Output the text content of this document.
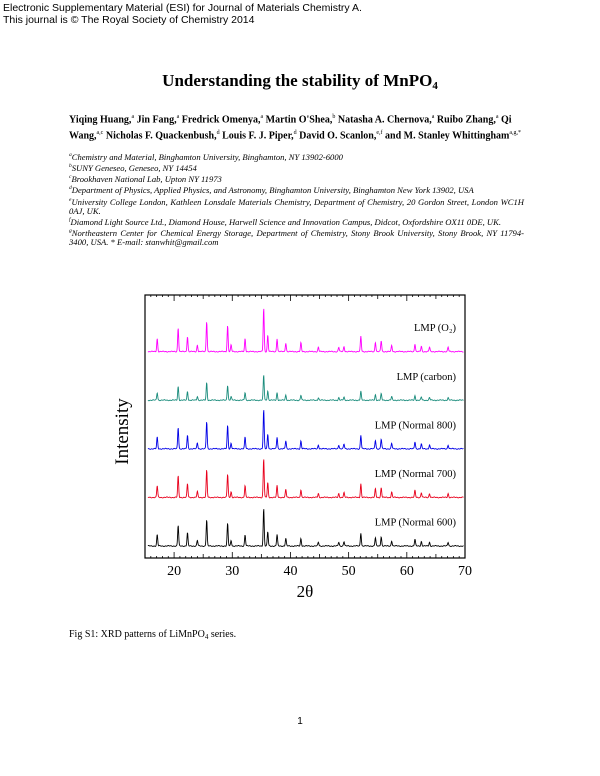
Electronic Supplementary Material (ESI) for Journal of Materials Chemistry A.
This journal is © The Royal Society of Chemistry 2014
Understanding the stability of MnPO$_4$
Yiqing Huang,$^a$ Jin Fang,$^a$ Fredrick Omenya,$^a$ Martin O'Shea,$^b$ Natasha A. Chernova,$^a$ Ruibo Zhang,$^a$ Qi Wang,$^{a,c}$ Nicholas F. Quackenbush,$^d$ Louis F. J. Piper,$^d$ David O. Scanlon,$^{e,f}$ and M. Stanley Whittingham$^{a,g,*}$
$^a$Chemistry and Material, Binghamton University, Binghamton, NY 13902-6000
$^b$SUNY Geneseo, Geneseo, NY 14454
$^c$Brookhaven National Lab, Upton NY 11973
$^d$Department of Physics, Applied Physics, and Astronomy, Binghamton University, Binghamton New York 13902, USA
$^e$University College London, Kathleen Lonsdale Materials Chemistry, Department of Chemistry, 20 Gordon Street, London WC1H 0AJ, UK.
$^f$Diamond Light Source Ltd., Diamond House, Harwell Science and Innovation Campus, Didcot, Oxfordshire OX11 0DE, UK.
$^g$Northeastern Center for Chemical Energy Storage, Department of Chemistry, Stony Brook University, Stony Brook, NY 11794-3400, USA. * E-mail: stanwhit@gmail.com
20	30	40	50	60	70
2θ
Intensity
LMP (Normal 600)
LMP (Normal 700)
LMP (Normal 800)
LMP (carbon)
LMP (O₂)
Fig S1: XRD patterns of LiMnPO$_4$ series.
1
